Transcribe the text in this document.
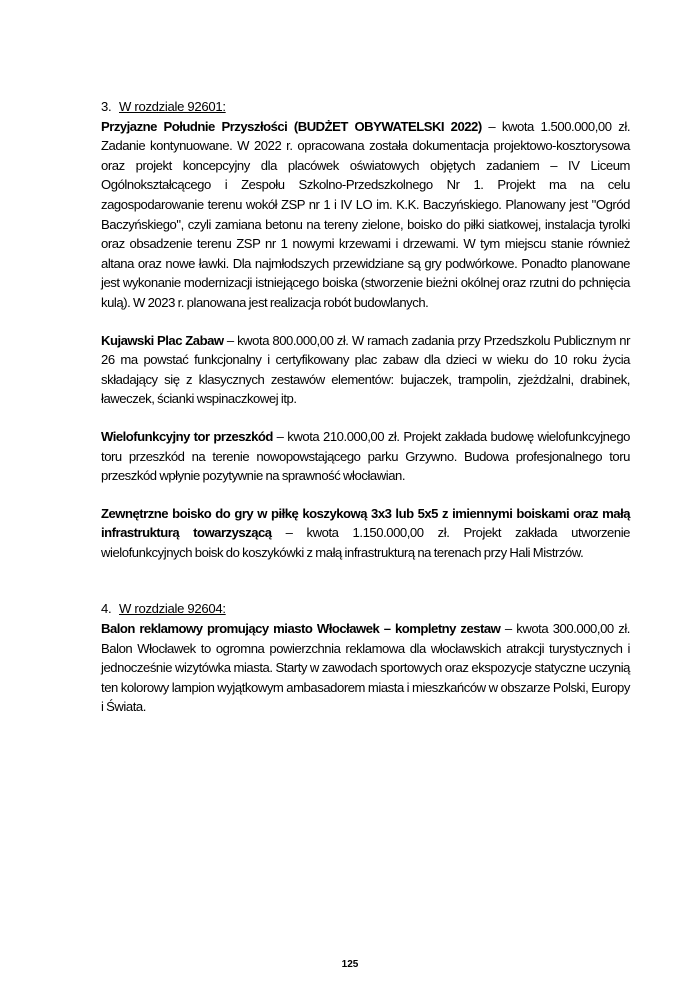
3. W rozdziale 92601:

Przyjazne Południe Przyszłości (BUDŻET OBYWATELSKI 2022) – kwota 1.500.000,00 zł. Zadanie kontynuowane. W 2022 r. opracowana została dokumentacja projektowo-kosztorysowa oraz projekt koncepcyjny dla placówek oświatowych objętych zadaniem – IV Liceum Ogólnokształcącego i Zespołu Szkolno-Przedszkolnego Nr 1. Projekt ma na celu zagospodarowanie terenu wokół ZSP nr 1 i IV LO im. K.K. Baczyńskiego. Planowany jest "Ogród Baczyńskiego", czyli zamiana betonu na tereny zielone, boisko do piłki siatkowej, instalacja tyrolki oraz obsadzenie terenu ZSP nr 1 nowymi krzewami i drzewami. W tym miejscu stanie również altana oraz nowe ławki. Dla najmłodszych przewidziane są gry podwórkowe. Ponadto planowane jest wykonanie modernizacji istniejącego boiska (stworzenie bieżni okólnej oraz rzutni do pchnięcia kulą). W 2023 r. planowana jest realizacja robót budowlanych.

Kujawski Plac Zabaw – kwota 800.000,00 zł. W ramach zadania przy Przedszkolu Publicznym nr 26 ma powstać funkcjonalny i certyfikowany plac zabaw dla dzieci w wieku do 10 roku życia składający się z klasycznych zestawów elementów: bujaczek, trampolin, zjeżdżalni, drabinek, ławeczek, ścianki wspinaczkowej itp.

Wielofunkcyjny tor przeszkód – kwota 210.000,00 zł. Projekt zakłada budowę wielofunkcyjnego toru przeszkód na terenie nowopowstającego parku Grzywno. Budowa profesjonalnego toru przeszkód wpłynie pozytywnie na sprawność włocławian.

Zewnętrzne boisko do gry w piłkę koszykową 3x3 lub 5x5 z imiennymi boiskami oraz małą infrastrukturą towarzyszącą – kwota 1.150.000,00 zł. Projekt zakłada utworzenie wielofunkcyjnych boisk do koszykówki z małą infrastrukturą na terenach przy Hali Mistrzów.

4. W rozdziale 92604:

Balon reklamowy promujący miasto Włocławek – kompletny zestaw – kwota 300.000,00 zł. Balon Włocławek to ogromna powierzchnia reklamowa dla włocławskich atrakcji turystycznych i jednocześnie wizytówka miasta. Starty w zawodach sportowych oraz ekspozycje statyczne uczynią ten kolorowy lampion wyjątkowym ambasadorem miasta i mieszkańców w obszarze Polski, Europy i Świata.

125
